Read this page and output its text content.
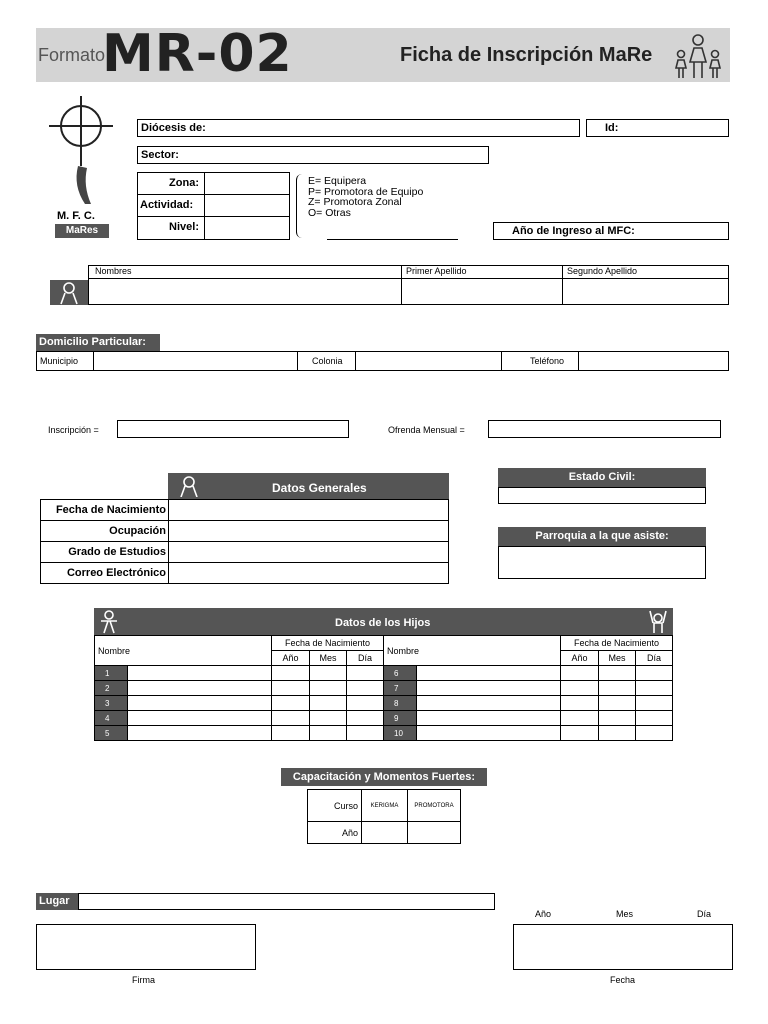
Formato
MR-02	Ficha de Inscripción MaRe
M. F. C.
MaRes
Diócesis de:	Id:
Sector:
Zona:
Actividad:
Nivel:
E= Equipera
P= Promotora de Equipo
Z= Promotora Zonal
O= Otras
Año de Ingreso al MFC:
Nombres	Primer Apellido	Segundo Apellido
Domicilio Particular:
Municipio	Colonia	Teléfono
Inscripción =	Ofrenda Mensual =
Datos Generales
Fecha de Nacimiento	
Ocupación	
Grado de Estudios	
Correo Electrónico	
Estado Civil:
Parroquia a la que asiste:
Datos de los Hijos
Nombre		Fecha de Nacimiento			Nombre		Fecha de Nacimiento		
		Año	Mes	Día			Año	Mes	Día
1					6				
2					7				
3					8				
4					9				
5					10				
Capacitación y Momentos Fuertes:
Curso	KERIGMA	PROMOTORA
Año		
Lugar
Firma
Año	Mes	Día
Fecha
